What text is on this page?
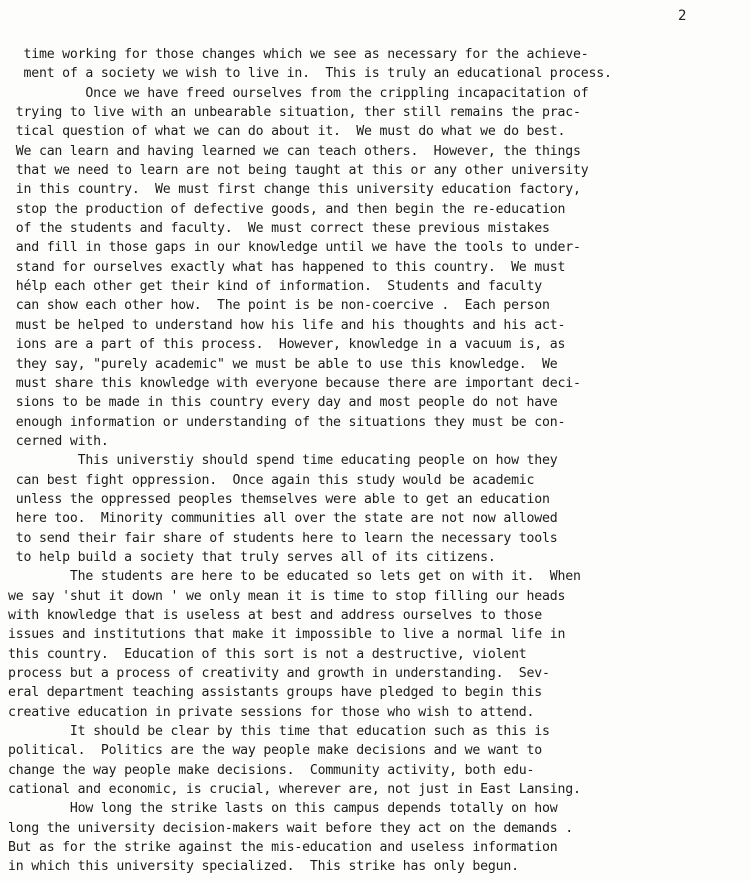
2
time working for those changes which we see as necessary for the achieve-
ment of a society we wish to live in.  This is truly an educational process.
Once we have freed ourselves from the crippling incapacitation of
trying to live with an unbearable situation, ther still remains the prac-
tical question of what we can do about it.  We must do what we do best.
We can learn and having learned we can teach others.  However, the things
that we need to learn are not being taught at this or any other university
in this country.  We must first change this university education factory,
stop the production of defective goods, and then begin the re-education
of the students and faculty.  We must correct these previous mistakes
and fill in those gaps in our knowledge until we have the tools to under-
stand for ourselves exactly what has happened to this country.  We must
hélp each other get their kind of information.  Students and faculty
can show each other how.  The point is be non-coercive .  Each person
must be helped to understand how his life and his thoughts and his act-
ions are a part of this process.  However, knowledge in a vacuum is, as
they say, "purely academic" we must be able to use this knowledge.  We
must share this knowledge with everyone because there are important deci-
sions to be made in this country every day and most people do not have
enough information or understanding of the situations they must be con-
cerned with.
This universtiy should spend time educating people on how they
can best fight oppression.  Once again this study would be academic
unless the oppressed peoples themselves were able to get an education
here too.  Minority communities all over the state are not now allowed
to send their fair share of students here to learn the necessary tools
to help build a society that truly serves all of its citizens.
The students are here to be educated so lets get on with it.  When
we say 'shut it down ' we only mean it is time to stop filling our heads
with knowledge that is useless at best and address ourselves to those
issues and institutions that make it impossible to live a normal life in
this country.  Education of this sort is not a destructive, violent
process but a process of creativity and growth in understanding.  Sev-
eral department teaching assistants groups have pledged to begin this
creative education in private sessions for those who wish to attend.
It should be clear by this time that education such as this is
political.  Politics are the way people make decisions and we want to
change the way people make decisions.  Community activity, both edu-
cational and economic, is crucial, wherever are, not just in East Lansing.
How long the strike lasts on this campus depends totally on how
long the university decision-makers wait before they act on the demands .
But as for the strike against the mis-education and useless information
in which this university specialized.  This strike has only begun.
